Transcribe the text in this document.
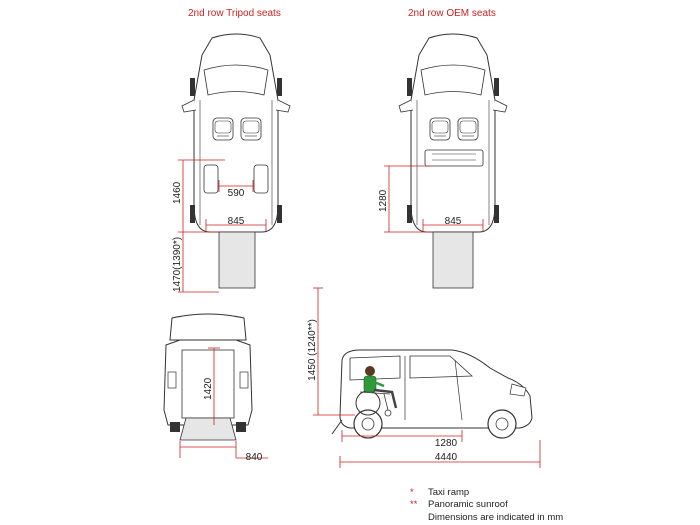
1460	590
845
1470(1390*)
1280
845
1420
840
1450 (1240**)
1280
4440
2nd row Tripod seats	2nd row OEM seats
* Taxi ramp
** Panoramic sunroof
Dimensions are indicated in mm
